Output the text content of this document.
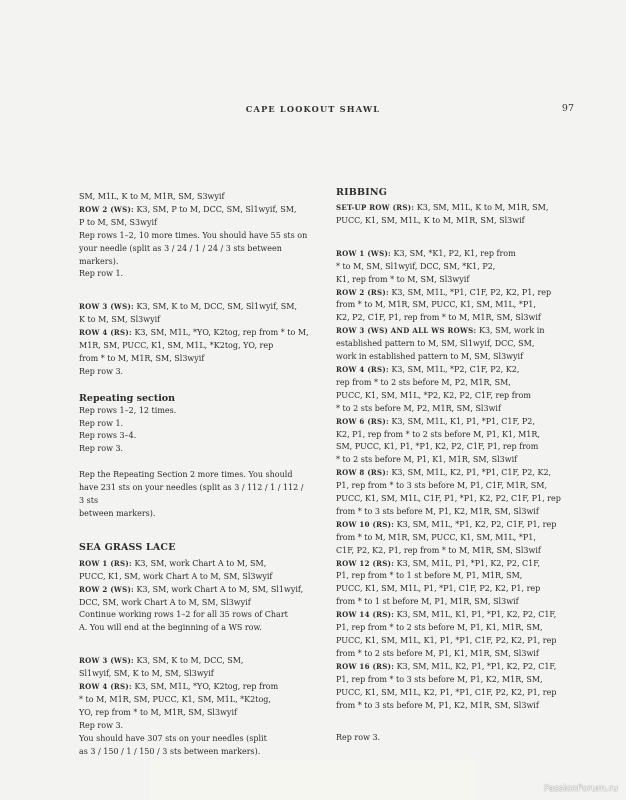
CAPE LOOKOUT SHAWL	97

SM, M1L, K to M, M1R, SM, S3wyif

ROW 2 (WS): K3, SM, P to M, DCC, SM, Sl1wyif, SM,

P to M, SM, S3wyif

Rep rows 1–2, 10 more times. You should have 55 sts on

your needle (split as 3 / 24 / 1 / 24 / 3 sts between

markers).

Rep row 1.

ROW 3 (WS): K3, SM, K to M, DCC, SM, Sl1wyif, SM,

K to M, SM, Sl3wyif

ROW 4 (RS): K3, SM, M1L, *YO, K2tog, rep from * to M,

M1R, SM, PUCC, K1, SM, M1L, *K2tog, YO, rep

from * to M, M1R, SM, Sl3wyif

Rep row 3.

Repeating section

Rep rows 1–2, 12 times.

Rep row 1.

Rep rows 3–4.

Rep row 3.

Rep the Repeating Section 2 more times. You should

have 231 sts on your needles (split as 3 / 112 / 1 / 112 / 3 sts

between markers).

SEA GRASS LACE

ROW 1 (RS): K3, SM, work Chart A to M, SM,

PUCC, K1, SM, work Chart A to M, SM, Sl3wyif

ROW 2 (WS): K3, SM, work Chart A to M, SM, Sl1wyif,

DCC, SM, work Chart A to M, SM, Sl3wyif

Continue working rows 1–2 for all 35 rows of Chart

A. You will end at the beginning of a WS row.

ROW 3 (WS): K3, SM, K to M, DCC, SM,

Sl1wyif, SM, K to M, SM, Sl3wyif

ROW 4 (RS): K3, SM, M1L, *YO, K2tog, rep from

* to M, M1R, SM, PUCC, K1, SM, M1L, *K2tog,

YO, rep from * to M, M1R, SM, Sl3wyif

Rep row 3.

You should have 307 sts on your needles (split

as 3 / 150 / 1 / 150 / 3 sts between markers).

RIBBING

SET-UP ROW (RS): K3, SM, M1L, K to M, M1R, SM,

PUCC, K1, SM, M1L, K to M, M1R, SM, Sl3wif

ROW 1 (WS): K3, SM, *K1, P2, K1, rep from

* to M, SM, Sl1wyif, DCC, SM, *K1, P2,

K1, rep from * to M, SM, Sl3wyif

ROW 2 (RS): K3, SM, M1L, *P1, C1F, P2, K2, P1, rep

from * to M, M1R, SM, PUCC, K1, SM, M1L, *P1,

K2, P2, C1F, P1, rep from * to M, M1R, SM, Sl3wif

ROW 3 (WS) AND ALL WS ROWS: K3, SM, work in

established pattern to M, SM, Sl1wyif, DCC, SM,

work in established pattern to M, SM, Sl3wyif

ROW 4 (RS): K3, SM, M1L, *P2, C1F, P2, K2,

rep from * to 2 sts before M, P2, M1R, SM,

PUCC, K1, SM, M1L, *P2, K2, P2, C1F, rep from

* to 2 sts before M, P2, M1R, SM, Sl3wif

ROW 6 (RS): K3, SM, M1L, K1, P1, *P1, C1F, P2,

K2, P1, rep from * to 2 sts before M, P1, K1, M1R,

SM, PUCC, K1, P1, *P1, K2, P2, C1F, P1, rep from

* to 2 sts before M, P1, K1, M1R, SM, Sl3wif

ROW 8 (RS): K3, SM, M1L, K2, P1, *P1, C1F, P2, K2,

P1, rep from * to 3 sts before M, P1, C1F, M1R, SM,

PUCC, K1, SM, M1L, C1F, P1, *P1, K2, P2, C1F, P1, rep

from * to 3 sts before M, P1, K2, M1R, SM, Sl3wif

ROW 10 (RS): K3, SM, M1L, *P1, K2, P2, C1F, P1, rep

from * to M, M1R, SM, PUCC, K1, SM, M1L, *P1,

C1F, P2, K2, P1, rep from * to M, M1R, SM, Sl3wif

ROW 12 (RS): K3, SM, M1L, P1, *P1, K2, P2, C1F,

P1, rep from * to 1 st before M, P1, M1R, SM,

PUCC, K1, SM, M1L, P1, *P1, C1F, P2, K2, P1, rep

from * to 1 st before M, P1, M1R, SM, Sl3wif

ROW 14 (RS): K3, SM, M1L, K1, P1, *P1, K2, P2, C1F,

P1, rep from * to 2 sts before M, P1, K1, M1R, SM,

PUCC, K1, SM, M1L, K1, P1, *P1, C1F, P2, K2, P1, rep

from * to 2 sts before M, P1, K1, M1R, SM, Sl3wif

ROW 16 (RS): K3, SM, M1L, K2, P1, *P1, K2, P2, C1F,

P1, rep from * to 3 sts before M, P1, K2, M1R, SM,

PUCC, K1, SM, M1L, K2, P1, *P1, C1F, P2, K2, P1, rep

from * to 3 sts before M, P1, K2, M1R, SM, Sl3wif

Rep row 3.

PassionForum.ru
